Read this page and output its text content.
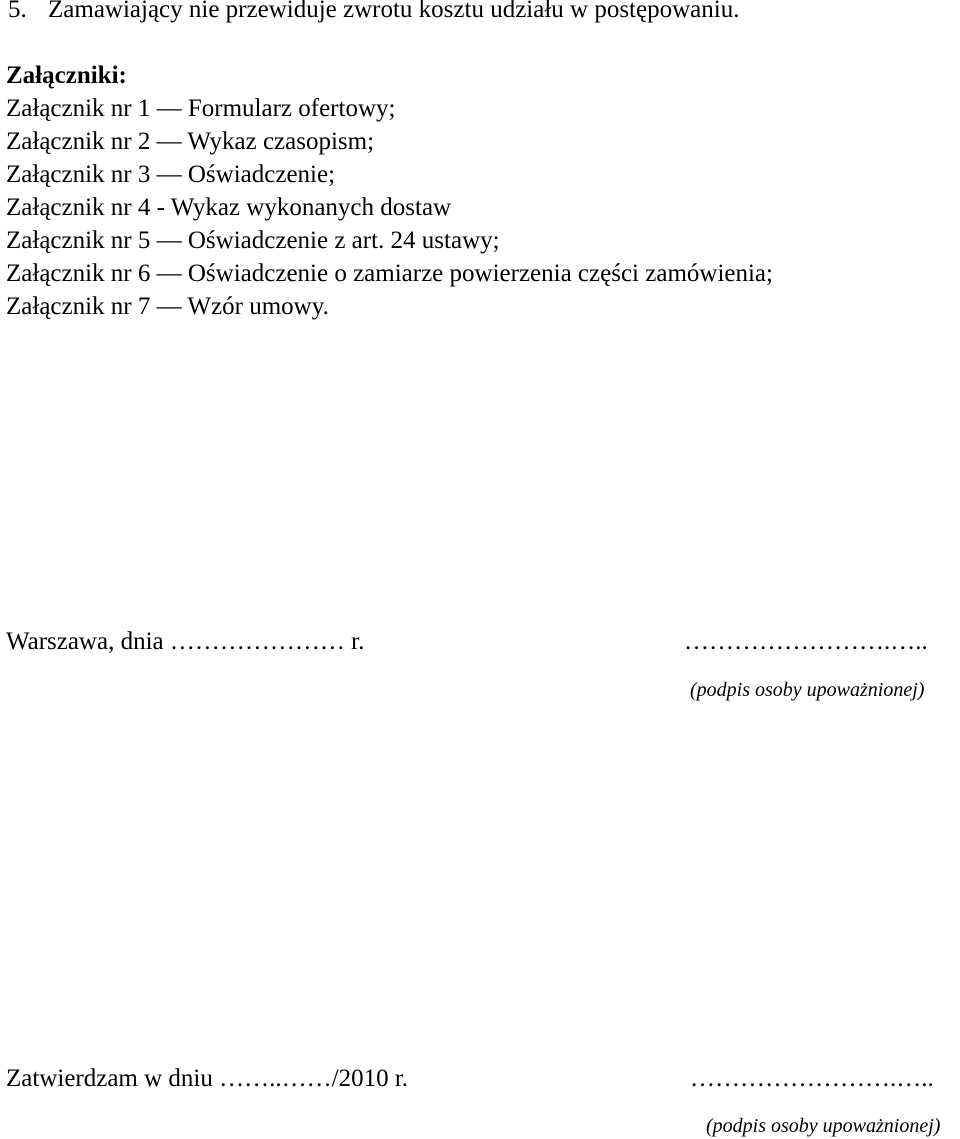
5. Zamawiający nie przewiduje zwrotu kosztu udziału w postępowaniu.
Załączniki:
Załącznik nr 1 — Formularz ofertowy;
Załącznik nr 2 — Wykaz czasopism;
Załącznik nr 3 — Oświadczenie;
Załącznik nr 4 - Wykaz wykonanych dostaw
Załącznik nr 5 — Oświadczenie z art. 24 ustawy;
Załącznik nr 6 — Oświadczenie o zamiarze powierzenia części zamówienia;
Załącznik nr 7 — Wzór umowy.
Warszawa, dnia ………………… r.	…………………….…..
(podpis osoby upoważnionej)
Zatwierdzam w dniu ……..……/2010 r.	…………………….…..
(podpis osoby upoważnionej)
